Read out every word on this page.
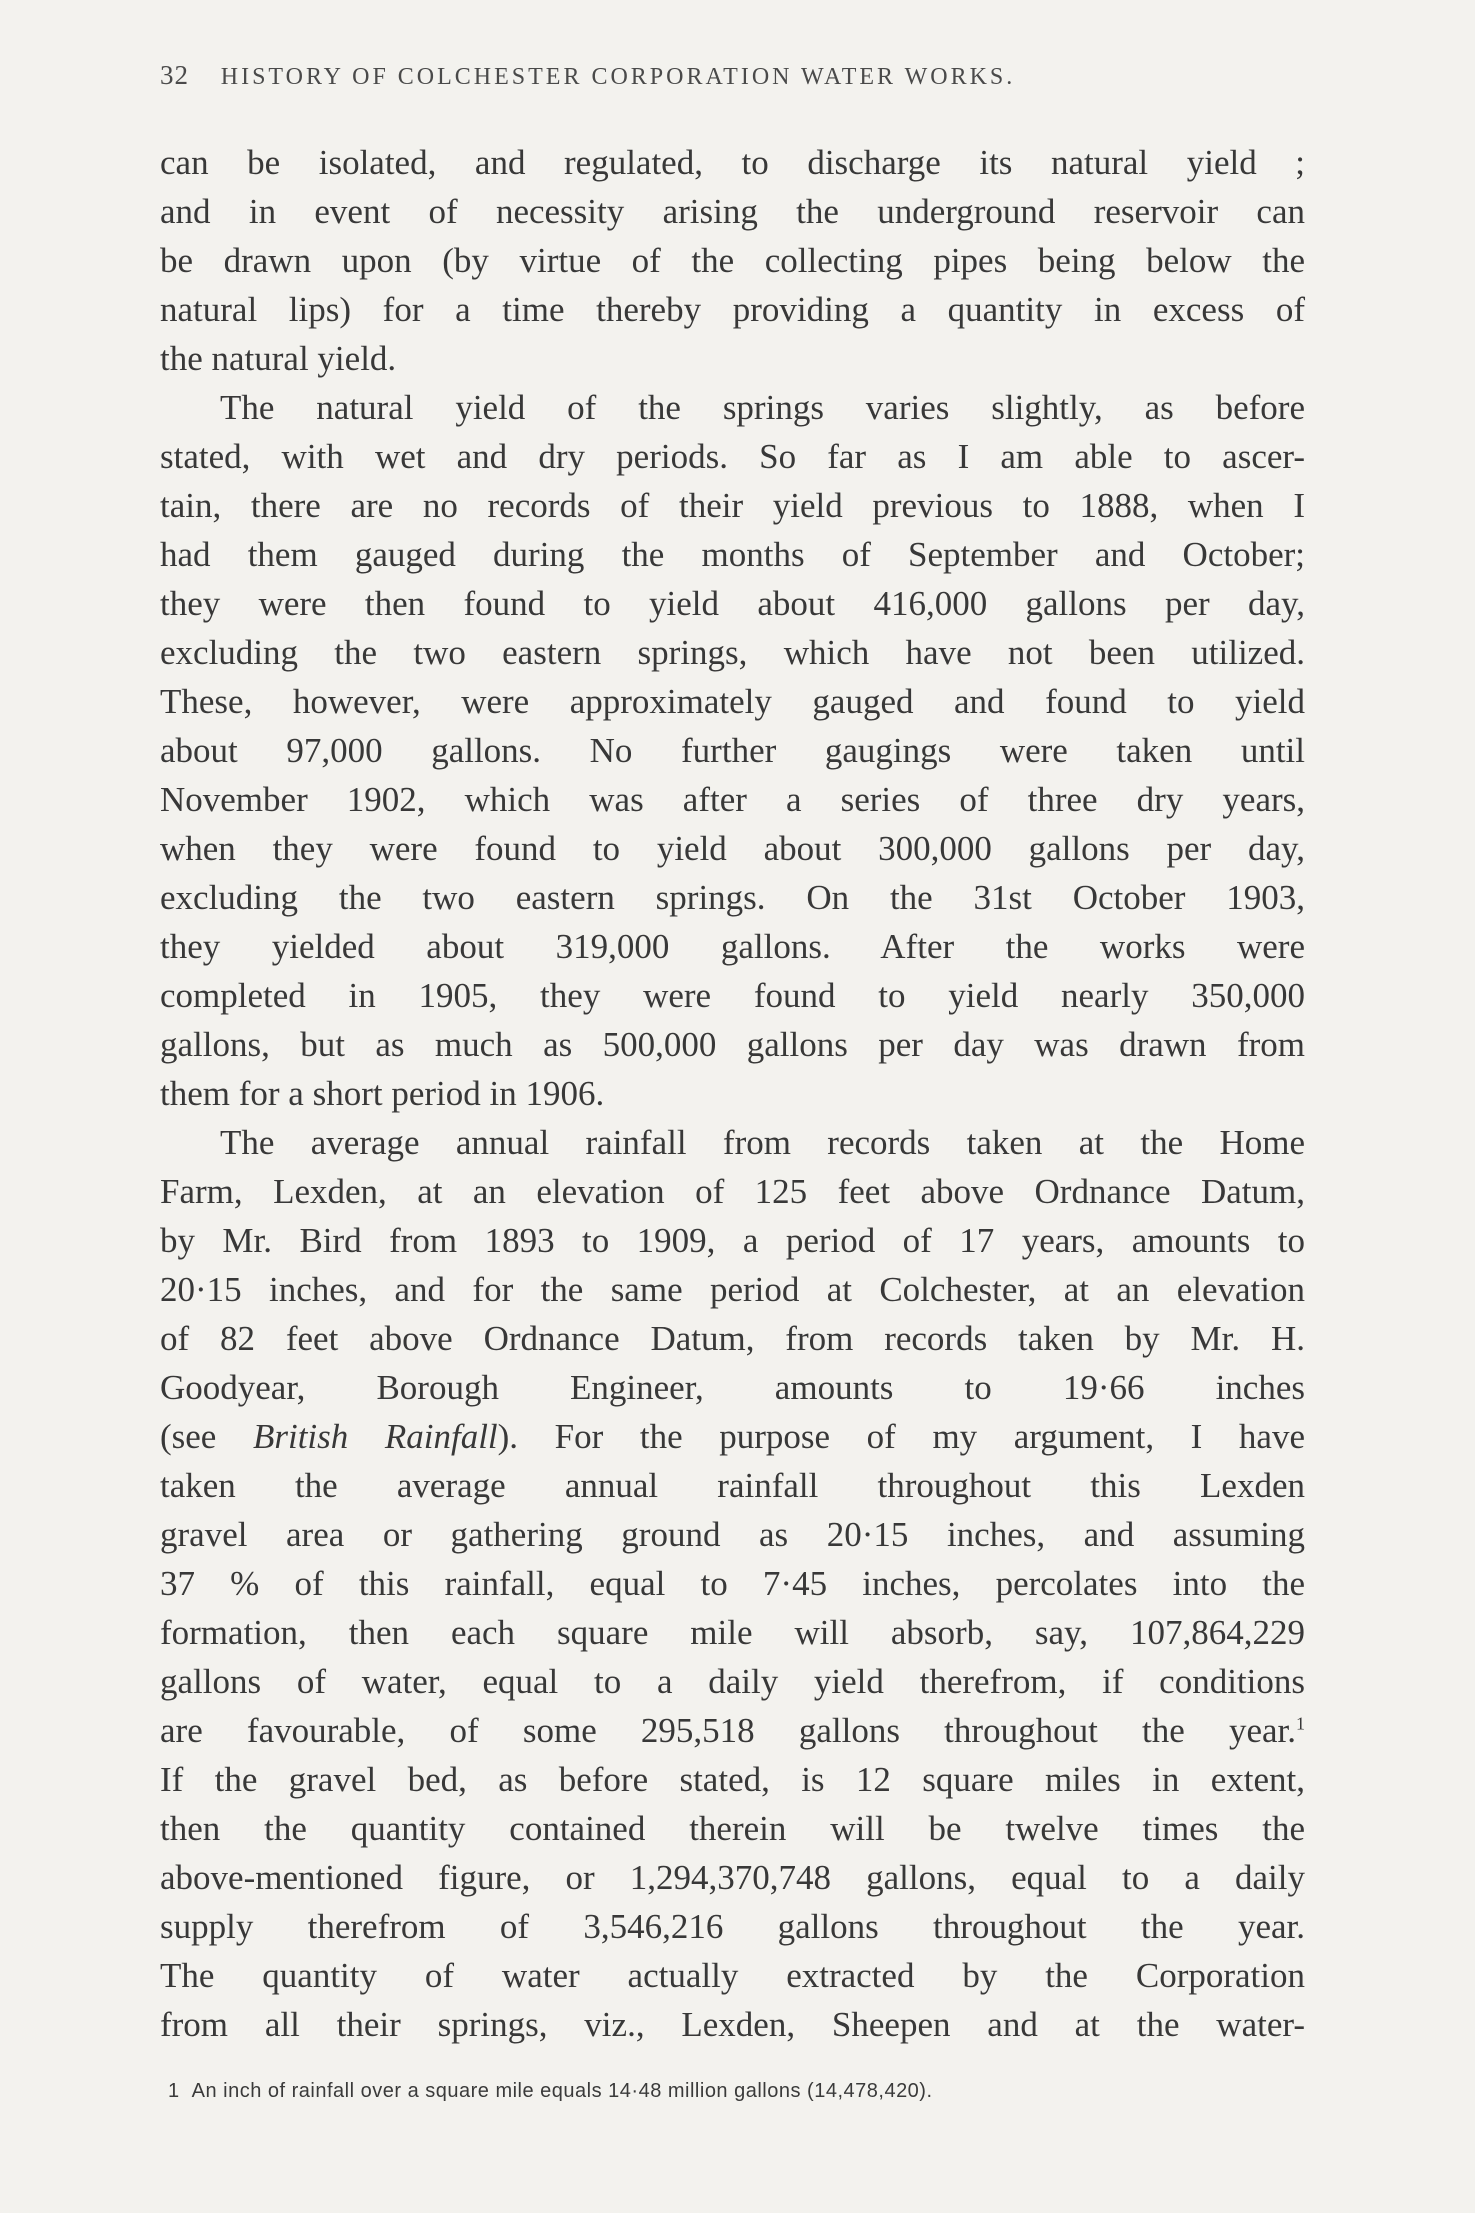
32 HISTORY OF COLCHESTER CORPORATION WATER WORKS.
can be isolated, and regulated, to discharge its natural yield ;
and in event of necessity arising the underground reservoir can
be drawn upon (by virtue of the collecting pipes being below the
natural lips) for a time thereby providing a quantity in excess of
the natural yield.
The natural yield of the springs varies slightly, as before
stated, with wet and dry periods. So far as I am able to ascer-
tain, there are no records of their yield previous to 1888, when I
had them gauged during the months of September and October;
they were then found to yield about 416,000 gallons per day,
excluding the two eastern springs, which have not been utilized.
These, however, were approximately gauged and found to yield
about 97,000 gallons. No further gaugings were taken until
November 1902, which was after a series of three dry years,
when they were found to yield about 300,000 gallons per day,
excluding the two eastern springs. On the 31st October 1903,
they yielded about 319,000 gallons. After the works were
completed in 1905, they were found to yield nearly 350,000
gallons, but as much as 500,000 gallons per day was drawn from
them for a short period in 1906.
The average annual rainfall from records taken at the Home
Farm, Lexden, at an elevation of 125 feet above Ordnance Datum,
by Mr. Bird from 1893 to 1909, a period of 17 years, amounts to
20·15 inches, and for the same period at Colchester, at an elevation
of 82 feet above Ordnance Datum, from records taken by Mr. H.
Goodyear, Borough Engineer, amounts to 19·66 inches
(see British Rainfall). For the purpose of my argument, I have
taken the average annual rainfall throughout this Lexden
gravel area or gathering ground as 20·15 inches, and assuming
37 % of this rainfall, equal to 7·45 inches, percolates into the
formation, then each square mile will absorb, say, 107,864,229
gallons of water, equal to a daily yield therefrom, if conditions
are favourable, of some 295,518 gallons throughout the year.$^1$
If the gravel bed, as before stated, is 12 square miles in extent,
then the quantity contained therein will be twelve times the
above-mentioned figure, or 1,294,370,748 gallons, equal to a daily
supply therefrom of 3,546,216 gallons throughout the year.
The quantity of water actually extracted by the Corporation
from all their springs, viz., Lexden, Sheepen and at the water-
1 An inch of rainfall over a square mile equals 14·48 million gallons (14,478,420).
